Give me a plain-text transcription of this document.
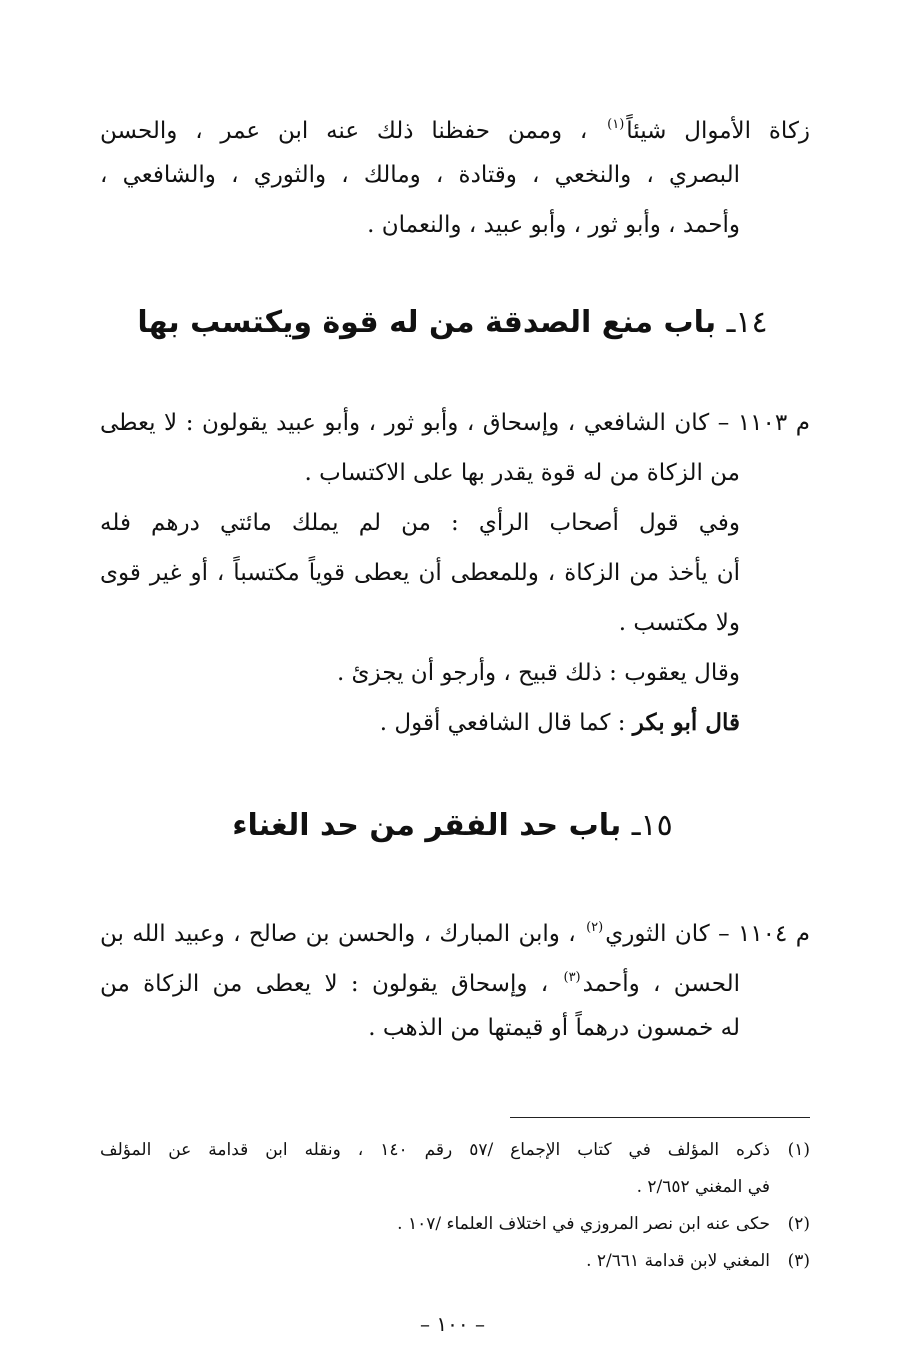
زكاة الأموال شيئاً$^{(١)}$ ، وممن حفظنا ذلك عنه ابن عمر ، والحسن
البصري ، والنخعي ، وقتادة ، ومالك ، والثوري ، والشافعي ،
وأحمد ، وأبو ثور ، وأبو عبيد ، والنعمان .
١٤ـ باب منع الصدقة من له قوة ويكتسب بها
م ١١٠٣ – كان الشافعي ، وإسحاق ، وأبو ثور ، وأبو عبيد يقولون : لا يعطى
من الزكاة من له قوة يقدر بها على الاكتساب .
وفي قول أصحاب الرأي : من لم يملك مائتي درهم فله
أن يأخذ من الزكاة ، وللمعطى أن يعطى قوياً مكتسباً ، أو غير قوى
ولا مكتسب .
وقال يعقوب : ذلك قبيح ، وأرجو أن يجزئ .
قال أبو بكر : كما قال الشافعي أقول .
١٥ـ باب حد الفقر من حد الغناء
م ١١٠٤ – كان الثوري$^{(٢)}$ ، وابن المبارك ، والحسن بن صالح ، وعبيد الله بن
الحسن ، وأحمد$^{(٣)}$ ، وإسحاق يقولون : لا يعطى من الزكاة من
له خمسون درهماً أو قيمتها من الذهب .
(١)
ذكره المؤلف في كتاب الإجماع /٥٧ رقم ١٤٠ ، ونقله ابن قدامة عن المؤلف
في المغني ٢/٦٥٢ .
(٢)
حكى عنه ابن نصر المروزي في اختلاف العلماء /١٠٧ .
(٣)
المغني لابن قدامة ٢/٦٦١ .
– ١٠٠ –
